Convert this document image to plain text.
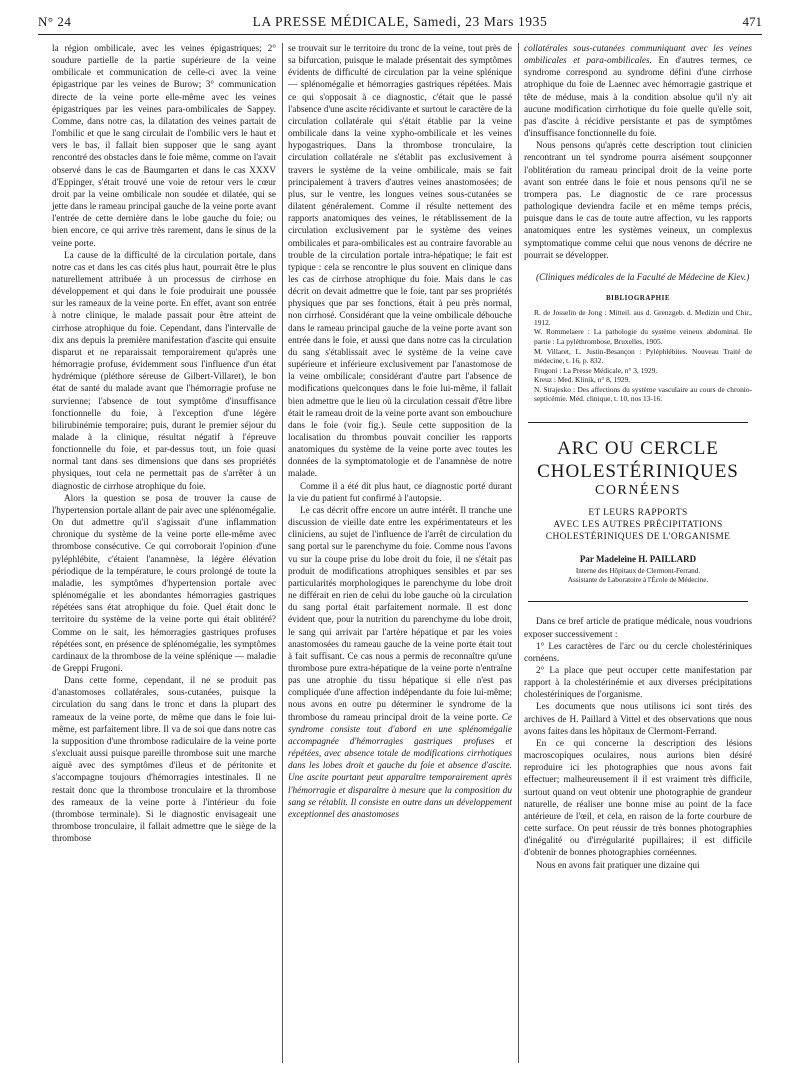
N° 24	LA PRESSE MÉDICALE, Samedi, 23 Mars 1935	471

la région ombilicale, avec les veines épigastriques; 2° soudure partielle de la partie supérieure de la veine ombilicale et communication de celle-ci avec la veine épigastrique par les veines de Burow; 3° communication directe de la veine porte elle-même avec les veines épigastriques par les veines para-ombilicales de Sappey. Comme, dans notre cas, la dilatation des veines partait de l'ombilic et que le sang circulait de l'ombilic vers le haut et vers le bas, il fallait bien supposer que le sang ayant rencontré des obstacles dans le foie même, comme on l'avait observé dans le cas de Baumgarten et dans le cas XXXV d'Eppinger, s'était trouvé une voie de retour vers le cœur droit par la veine ombilicale non soudée et dilatée, qui se jette dans le rameau principal gauche de la veine porte avant l'entrée de cette dernière dans le lobe gauche du foie; ou bien encore, ce qui arrive très rarement, dans le sinus de la veine porte.

La cause de la difficulté de la circulation portale, dans notre cas et dans les cas cités plus haut, pourrait être le plus naturellement attribuée à un processus de cirrhose en développement et qui dans le foie produirait une poussée sur les rameaux de la veine porte. En effet, avant son entrée à notre clinique, le malade passait pour être atteint de cirrhose atrophique du foie. Cependant, dans l'intervalle de dix ans depuis la première manifestation d'ascite qui ensuite disparut et ne reparaissait temporairement qu'après une hémorragie profuse, évidemment sous l'influence d'un état hydrémique (pléthore séreuse de Gilbert-Villaret), le bon état de santé du malade avant que l'hémorragie profuse ne survienne; l'absence de tout symptôme d'insuffisance fonctionnelle du foie, à l'exception d'une légère bilirubinémie temporaire; puis, durant le premier séjour du malade à la clinique, résultat négatif à l'épreuve fonctionnelle du foie, et par-dessus tout, un foie quasi normal tant dans ses dimensions que dans ses propriétés physiques, tout cela ne permettait pas de s'arrêter à un diagnostic de cirrhose atrophique du foie.

Alors la question se posa de trouver la cause de l'hypertension portale allant de pair avec une splénomégalie. On dut admettre qu'il s'agissait d'une inflammation chronique du système de la veine porte elle-même avec thrombose consécutive. Ce qui corroborait l'opinion d'une pyléphlébite, c'étaient l'anamnèse, la légère élévation périodique de la température, le cours prolongé de toute la maladie, les symptômes d'hypertension portale avec splénomégalie et les abondantes hémorragies gastriques répétées sans état atrophique du foie. Quel était donc le territoire du système de la veine porte qui était oblitéré? Comme on le sait, les hémorragies gastriques profuses répétées sont, en présence de splénomégalie, les symptômes cardinaux de la thrombose de la veine splénique — maladie de Greppi Frugoni.

Dans cette forme, cependant, il ne se produit pas d'anastomoses collatérales, sous-cutanées, puisque la circulation du sang dans le tronc et dans la plupart des rameaux de la veine porte, de même que dans le foie lui-même, est parfaitement libre. Il va de soi que dans notre cas la supposition d'une thrombose radiculaire de la veine porte s'excluait aussi puisque pareille thrombose suit une marche aiguë avec des symptômes d'ileus et de péritonite et s'accompagne toujours d'hémorragies intestinales. Il ne restait donc que la thrombose tronculaire et la thrombose des rameaux de la veine porte à l'intérieur du foie (thrombose terminale). Si le diagnostic envisageait une thrombose tronculaire, il fallait admettre que le siège de la thrombose

se trouvait sur le territoire du tronc de la veine, tout près de sa bifurcation, puisque le malade présentait des symptômes évidents de difficulté de circulation par la veine splénique — splénomégalie et hémorragies gastriques répétées. Mais ce qui s'opposait à ce diagnostic, c'était que le passé l'absence d'une ascite récidivante et surtout le caractère de la circulation collatérale qui s'était établie par la veine ombilicale dans la veine xypho-ombilicale et les veines hypogastriques. Dans la thrombose tronculaire, la circulation collatérale ne s'établit pas exclusivement à travers le système de la veine ombilicale, mais se fait principalement à travers d'autres veines anastomosées; de plus, sur le ventre, les longues veines sous-cutanées se dilatent généralement. Comme il résulte nettement des rapports anatomiques des veines, le rétablissement de la circulation exclusivement par le système des veines ombilicales et para-ombilicales est au contraire favorable au trouble de la circulation portale intra-hépatique; le fait est typique : cela se rencontre le plus souvent en clinique dans les cas de cirrhose atrophique du foie. Mais dans le cas décrit on devait admettre que le foie, tant par ses propriétés physiques que par ses fonctions, était à peu près normal, non cirrhosé. Considérant que la veine ombilicale débouche dans le rameau principal gauche de la veine porte avant son entrée dans le foie, et aussi que dans notre cas la circulation du sang s'établissait avec le système de la veine cave supérieure et inférieure exclusivement par l'anastomose de la veine ombilicale; considérant d'autre part l'absence de modifications quelconques dans le foie lui-même, il fallait bien admettre que le lieu où la circulation cessait d'être libre était le rameau droit de la veine porte avant son embouchure dans le foie (voir fig.). Seule cette supposition de la localisation du thrombus pouvait concilier les rapports anatomiques du système de la veine porte avec toutes les données de la symptomatologie et de l'anamnèse de notre malade.

Comme il a été dit plus haut, ce diagnostic porté durant la vie du patient fut confirmé à l'autopsie.

Le cas décrit offre encore un autre intérêt. Il tranche une discussion de vieille date entre les expérimentateurs et les cliniciens, au sujet de l'influence de l'arrêt de circulation du sang portal sur le parenchyme du foie. Comme nous l'avons vu sur la coupe prise du lobe droit du foie, il ne s'était pas produit de modifications atrophiques sensibles et par ses particularités morphologiques le parenchyme du lobe droit ne différait en rien de celui du lobe gauche où la circulation du sang portal était parfaitement normale. Il est donc évident que, pour la nutrition du parenchyme du lobe droit, le sang qui arrivait par l'artère hépatique et par les voies anastomosées du rameau gauche de la veine porte était tout à fait suffisant. Ce cas nous a permis de reconnaître qu'une thrombose pure extra-hépatique de la veine porte n'entraîne pas une atrophie du tissu hépatique si elle n'est pas compliquée d'une affection indépendante du foie lui-même; nous avons en outre pu déterminer le syndrome de la thrombose du rameau principal droit de la veine porte. Ce syndrome consiste tout d'abord en une splénomégalie accompagnée d'hémorragies gastriques profuses et répétées, avec absence totale de modifications cirrhotiques dans les lobes droit et gauche du foie et absence d'ascite. Une ascite pourtant peut apparaître temporairement après l'hémorragie et disparaître à mesure que la composition du sang se rétablit. Il consiste en outre dans un développement exceptionnel des anastomoses

collatérales sous-cutanées communiquant avec les veines ombilicales et para-ombilicales. En d'autres termes, ce syndrome correspond au syndrome défini d'une cirrhose atrophique du foie de Laennec avec hémorragie gastrique et tête de méduse, mais à la condition absolue qu'il n'y ait aucune modification cirrhotique du foie quelle qu'elle soit, pas d'ascite à récidive persistante et pas de symptômes d'insuffisance fonctionnelle du foie.

Nous pensons qu'après cette description tout clinicien rencontrant un tel syndrome pourra aisément soupçonner l'oblitération du rameau principal droit de la veine porte avant son entrée dans le foie et nous pensons qu'il ne se trompera pas. Le diagnostic de ce rare processus pathologique deviendra facile et en même temps précis, puisque dans le cas de toute autre affection, vu les rapports anatomiques entre les systèmes veineux, un complexus symptomatique comme celui que nous venons de décrire ne pourrait se développer.

(Cliniques médicales de la Faculté de Médecine de Kiev.)

BIBLIOGRAPHIE

R. de Josselin de Jong : Mitteil. aus d. Grenzgeb. d. Medizin und Chir., 1912.

W. Rommelaere : La pathologie du système veineux abdominal. IIe partie : La pyléthrombose, Bruxelles, 1905.

M. Villaret, L. Justin-Besançon : Pyléphlébites. Nouveau Traité de médecine, t. 16, p. 832.

Frugoni : La Presse Médicale, n° 3, 1929.

Kreuz : Med. Klinik, n° 8, 1929.

N. Strajesko : Des affections du système vasculaire au cours de chronio-septicémie. Méd. clinique, t. 10, nos 13-16.

ARC OU CERCLE

CHOLESTÉRINIQUES

CORNÉENS

ET LEURS RAPPORTS

AVEC LES AUTRES PRÉCIPITATIONS

CHOLESTÉRINIQUES DE L'ORGANISME

Par Madeleine H. PAILLARD

Interne des Hôpitaux de Clermont-Ferrand.

Assistante de Laboratoire à l'École de Médecine.

Dans ce bref article de pratique médicale, nous voudrions exposer successivement :

1° Les caractères de l'arc ou du cercle cholestériniques cornéens.

2° La place que peut occuper cette manifestation par rapport à la cholestérinémie et aux diverses précipitations cholestériniques de l'organisme.

Les documents que nous utilisons ici sont tirés des archives de H. Paillard à Vittel et des observations que nous avons faites dans les hôpitaux de Clermont-Ferrand.

En ce qui concerne la description des lésions macroscopiques oculaires, nous aurions bien désiré reproduire ici les photographies que nous avons fait effectuer; malheureusement il il est vraiment très difficile, surtout quand on veut obtenir une photographie de grandeur naturelle, de réaliser une bonne mise au point de la face antérieure de l'œil, et cela, en raison de la forte courbure de cette surface. On peut réussir de très bonnes photographies d'inégalité ou d'irrégularité pupillaires; il est difficile d'obtenir de bonnes photographies cornéennes.

Nous en avons fait pratiquer une dizaine qui
